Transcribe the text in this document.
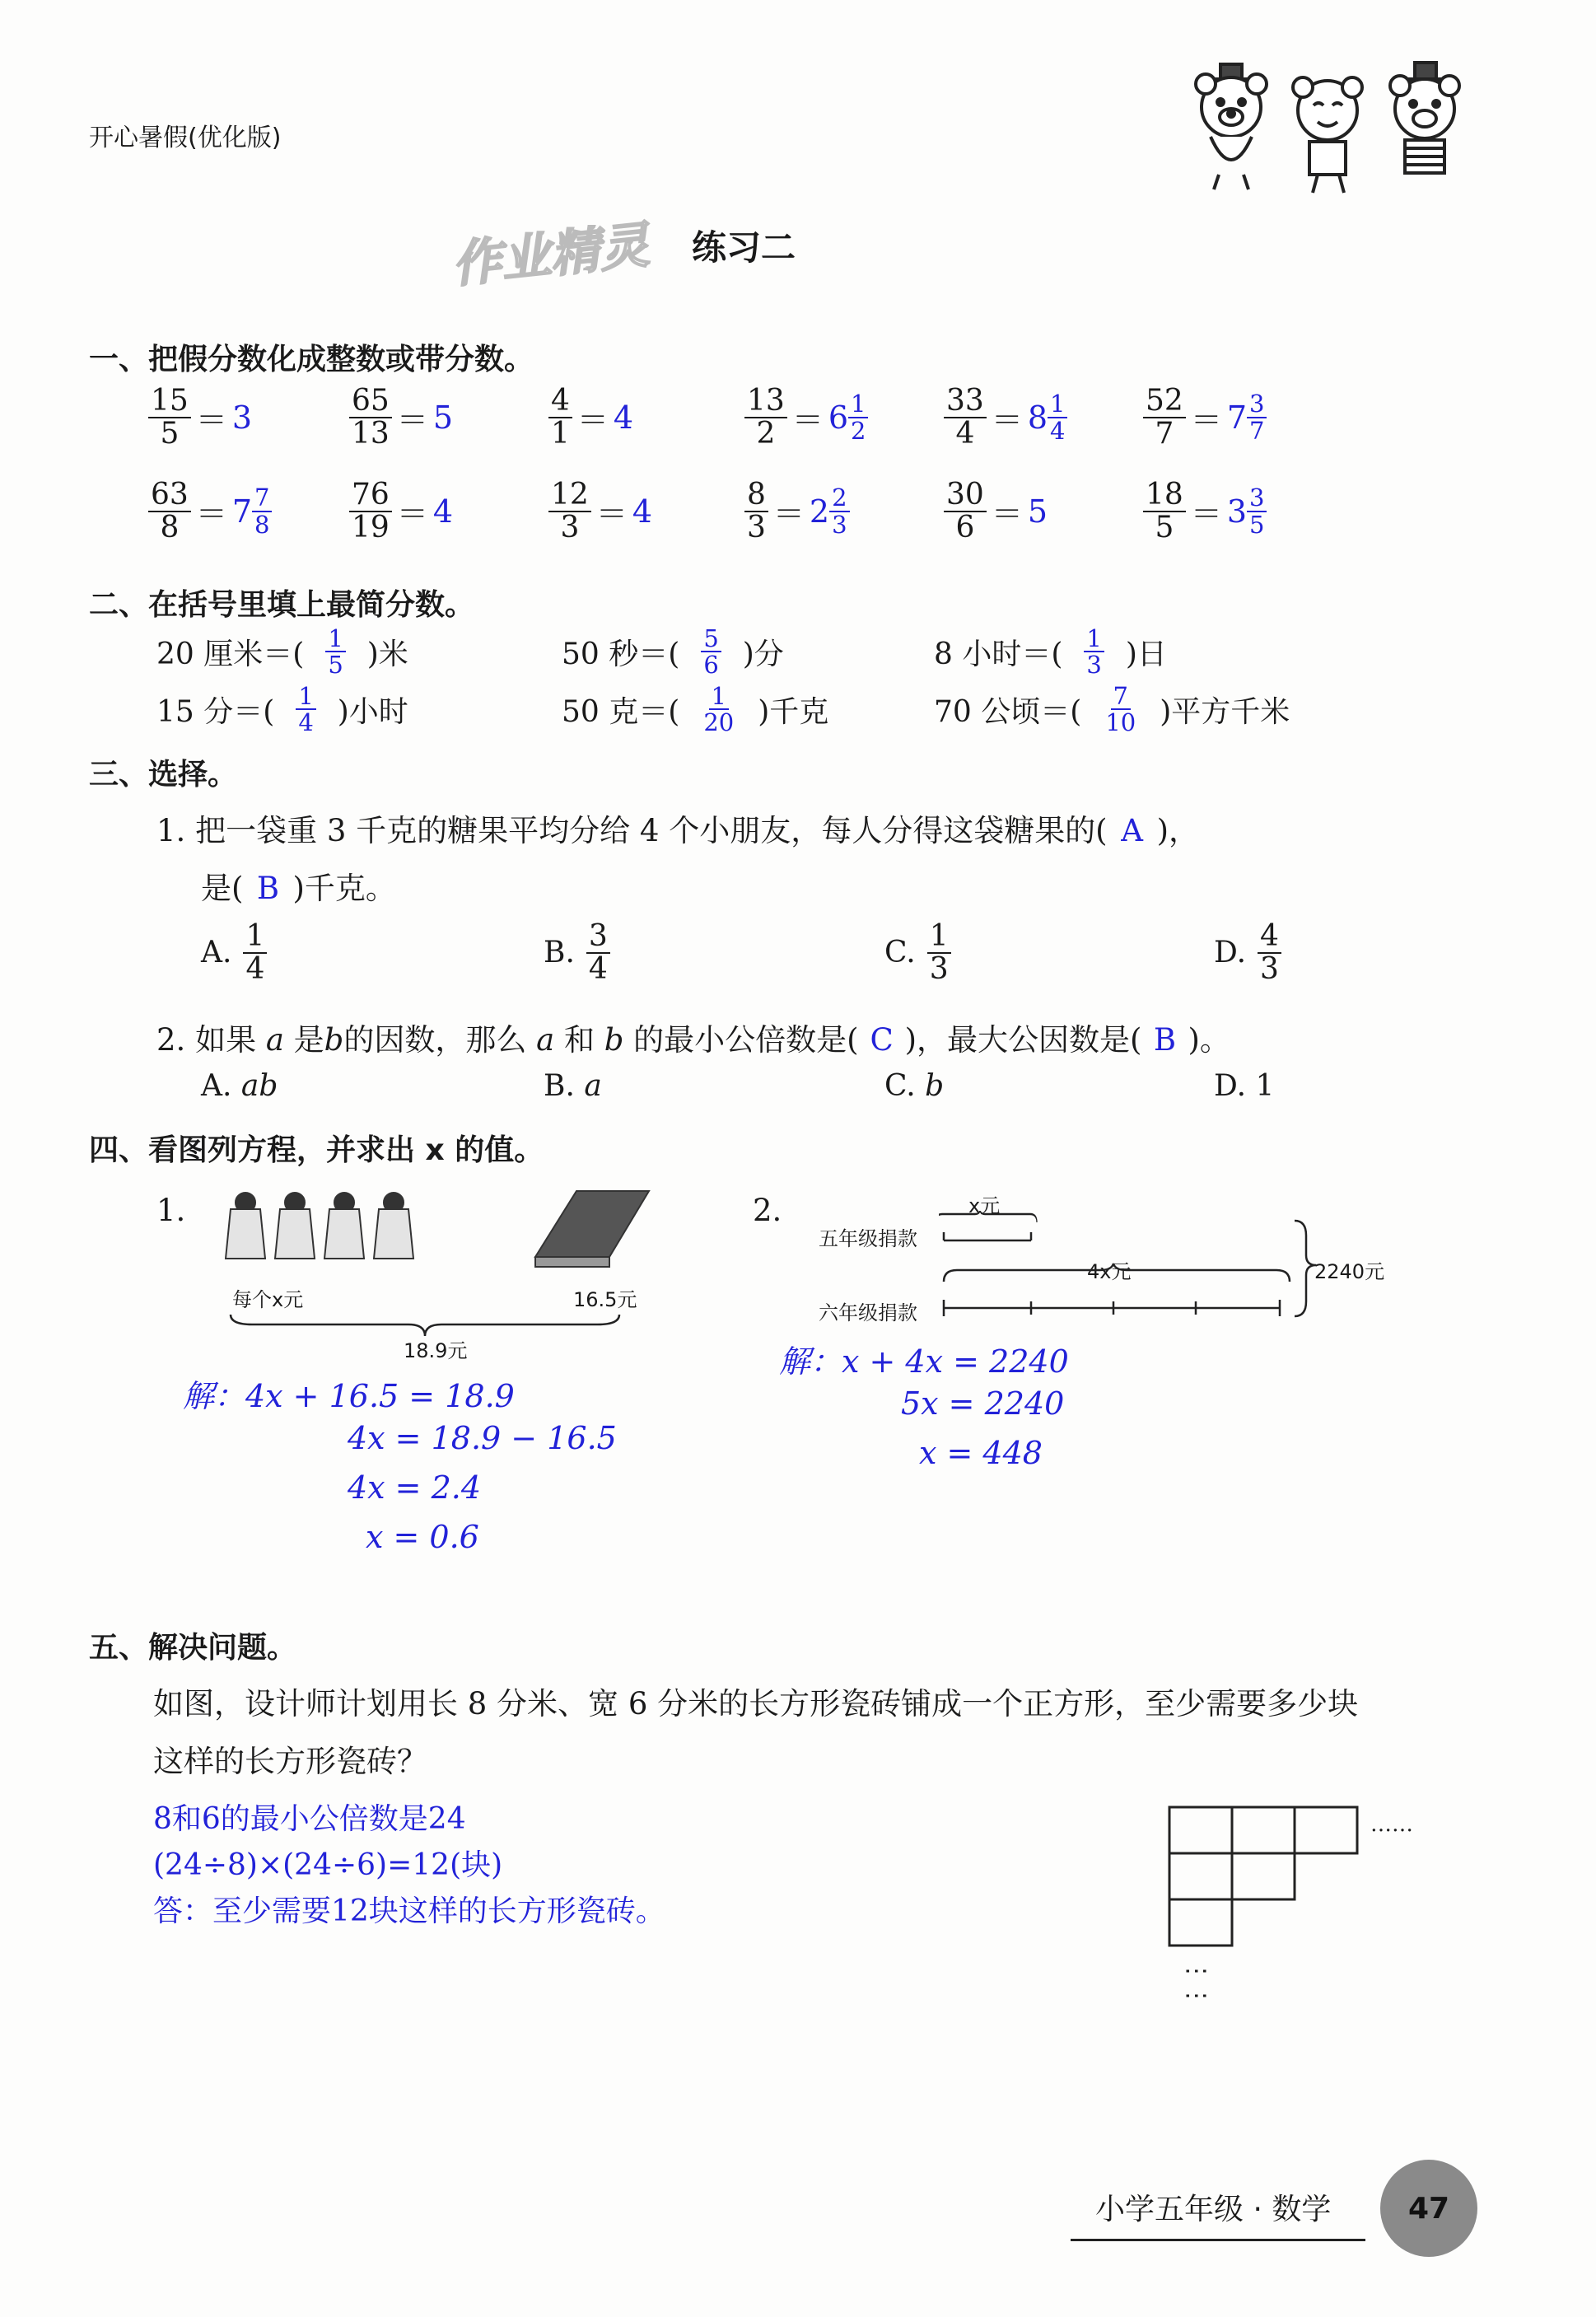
开心暑假(优化版)
作业精灵 练习二
一、把假分数化成整数或带分数。
$\frac{15}{5} = 3$	$\frac{65}{13} = 5$	$\frac{4}{1} = 4$	$\frac{13}{2} = 6 \frac{1}{2}$	$\frac{33}{4} = 8 \frac{1}{4}$	$\frac{52}{7} = 7 \frac{3}{7}$
$\frac{63}{8} = 7 \frac{7}{8}$	$\frac{76}{19} = 4$	$\frac{12}{3} = 4$	$\frac{8}{3} = 2 \frac{2}{3}$	$\frac{30}{6} = 5$	$\frac{18}{5} = 3 \frac{3}{5}$
二、在括号里填上最简分数。
20 厘米＝( $\frac{1}{5}$ )米	50 秒＝( $\frac{5}{6}$ )分	8 小时＝( $\frac{1}{3}$ )日
15 分＝( $\frac{1}{4}$ )小时	50 克＝( $\frac{1}{20}$ )千克	70 公顷＝( $\frac{7}{10}$ )平方千米
三、选择。
1. 把一袋重 3 千克的糖果平均分给 4 个小朋友，每人分得这袋糖果的( A )，
是( B )千克。
A. $\frac{1}{4}$	B. $\frac{3}{4}$	C. $\frac{1}{3}$	D. $\frac{4}{3}$
2. 如果 a 是b的因数，那么 a 和 b 的最小公倍数是( C )，最大公因数是( B )。
A. ab	B. a	C. b	D. 1
四、看图列方程，并求出 x 的值。
1.
每个x元	16.5元
18.9元
解：4x + 16.5 = 18.9
4x = 18.9 − 16.5
4x = 2.4
x = 0.6
2.	x元
五年级捐款
4x元
六年级捐款
2240元
解：x + 4x = 2240
5x = 2240
x = 448
五、解决问题。
如图，设计师计划用长 8 分米、宽 6 分米的长方形瓷砖铺成一个正方形，至少需要多少块
这样的长方形瓷砖？
8和6的最小公倍数是24
(24÷8)×(24÷6)=12(块)
答：至少需要12块这样的长方形瓷砖。
……
⋮⋮
小学五年级 · 数学	47
